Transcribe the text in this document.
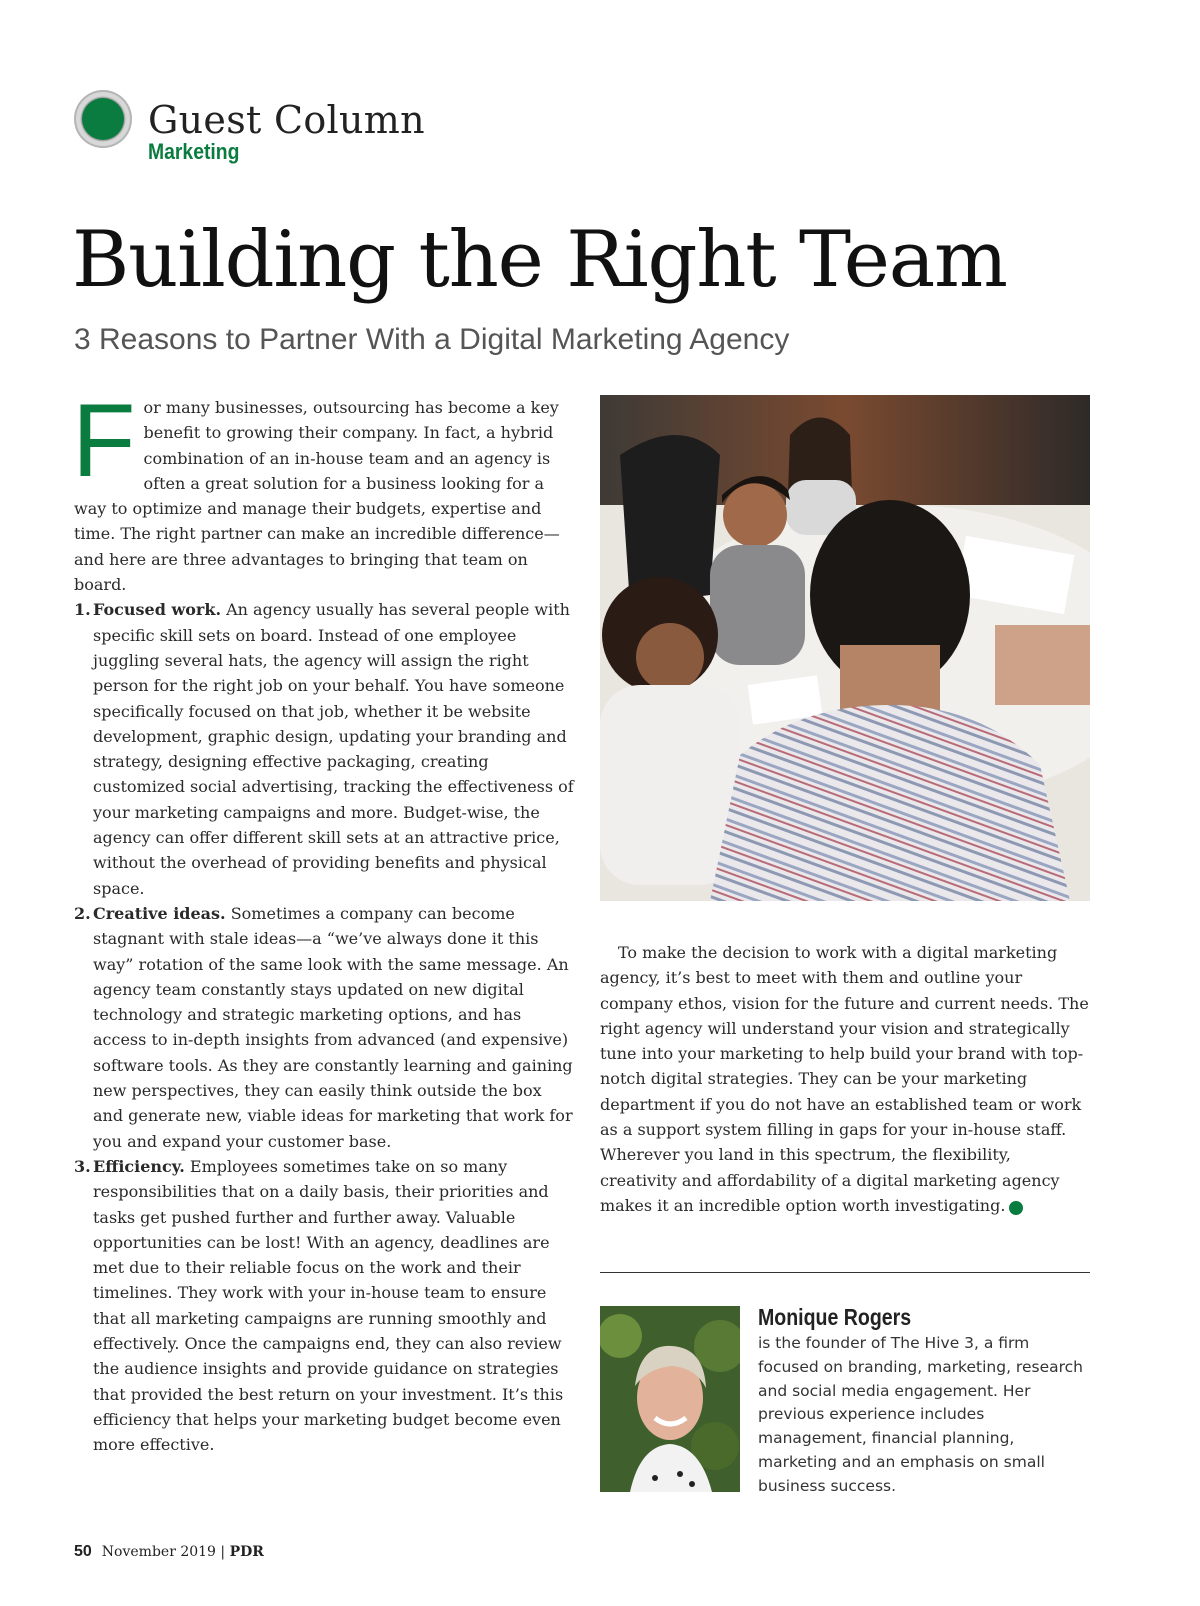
Guest Column
Marketing
Building the Right Team
3 Reasons to Partner With a Digital Marketing Agency

For many businesses, outsourcing has become a key benefit to growing their company. In fact, a hybrid combination of an in-house team and an agency is often a great solution for a business looking for a way to optimize and manage their budgets, expertise and time. The right partner can make an incredible difference—and here are three advantages to bringing that team on board.

1. Focused work. An agency usually has several people with specific skill sets on board. Instead of one employee juggling several hats, the agency will assign the right person for the right job on your behalf. You have someone specifically focused on that job, whether it be website development, graphic design, updating your branding and strategy, designing effective packaging, creating customized social advertising, tracking the effectiveness of your marketing campaigns and more. Budget-wise, the agency can offer different skill sets at an attractive price, without the overhead of providing benefits and physical space.
2. Creative ideas. Sometimes a company can become stagnant with stale ideas—a “we’ve always done it this way” rotation of the same look with the same message. An agency team constantly stays updated on new digital technology and strategic marketing options, and has access to in-depth insights from advanced (and expensive) software tools. As they are constantly learning and gaining new perspectives, they can easily think outside the box and generate new, viable ideas for marketing that work for you and expand your customer base.
3. Efficiency. Employees sometimes take on so many responsibilities that on a daily basis, their priorities and tasks get pushed further and further away. Valuable opportunities can be lost! With an agency, deadlines are met due to their reliable focus on the work and their timelines. They work with your in-house team to ensure that all marketing campaigns are running smoothly and effectively. Once the campaigns end, they can also review the audience insights and provide guidance on strategies that provided the best return on your investment. It’s this efficiency that helps your marketing budget become even more effective.

To make the decision to work with a digital marketing agency, it’s best to meet with them and outline your company ethos, vision for the future and current needs. The right agency will understand your vision and strategically tune into your marketing to help build your brand with top-notch digital strategies. They can be your marketing department if you do not have an established team or work as a support system filling in gaps for your in-house staff. Wherever you land in this spectrum, the flexibility, creativity and affordability of a digital marketing agency makes it an incredible option worth investigating. ‹

Monique Rogers
is the founder of The Hive 3, a firm focused on branding, marketing, research and social media engagement. Her previous experience includes management, financial planning, marketing and an emphasis on small business success.
50 November 2019 | PDR
